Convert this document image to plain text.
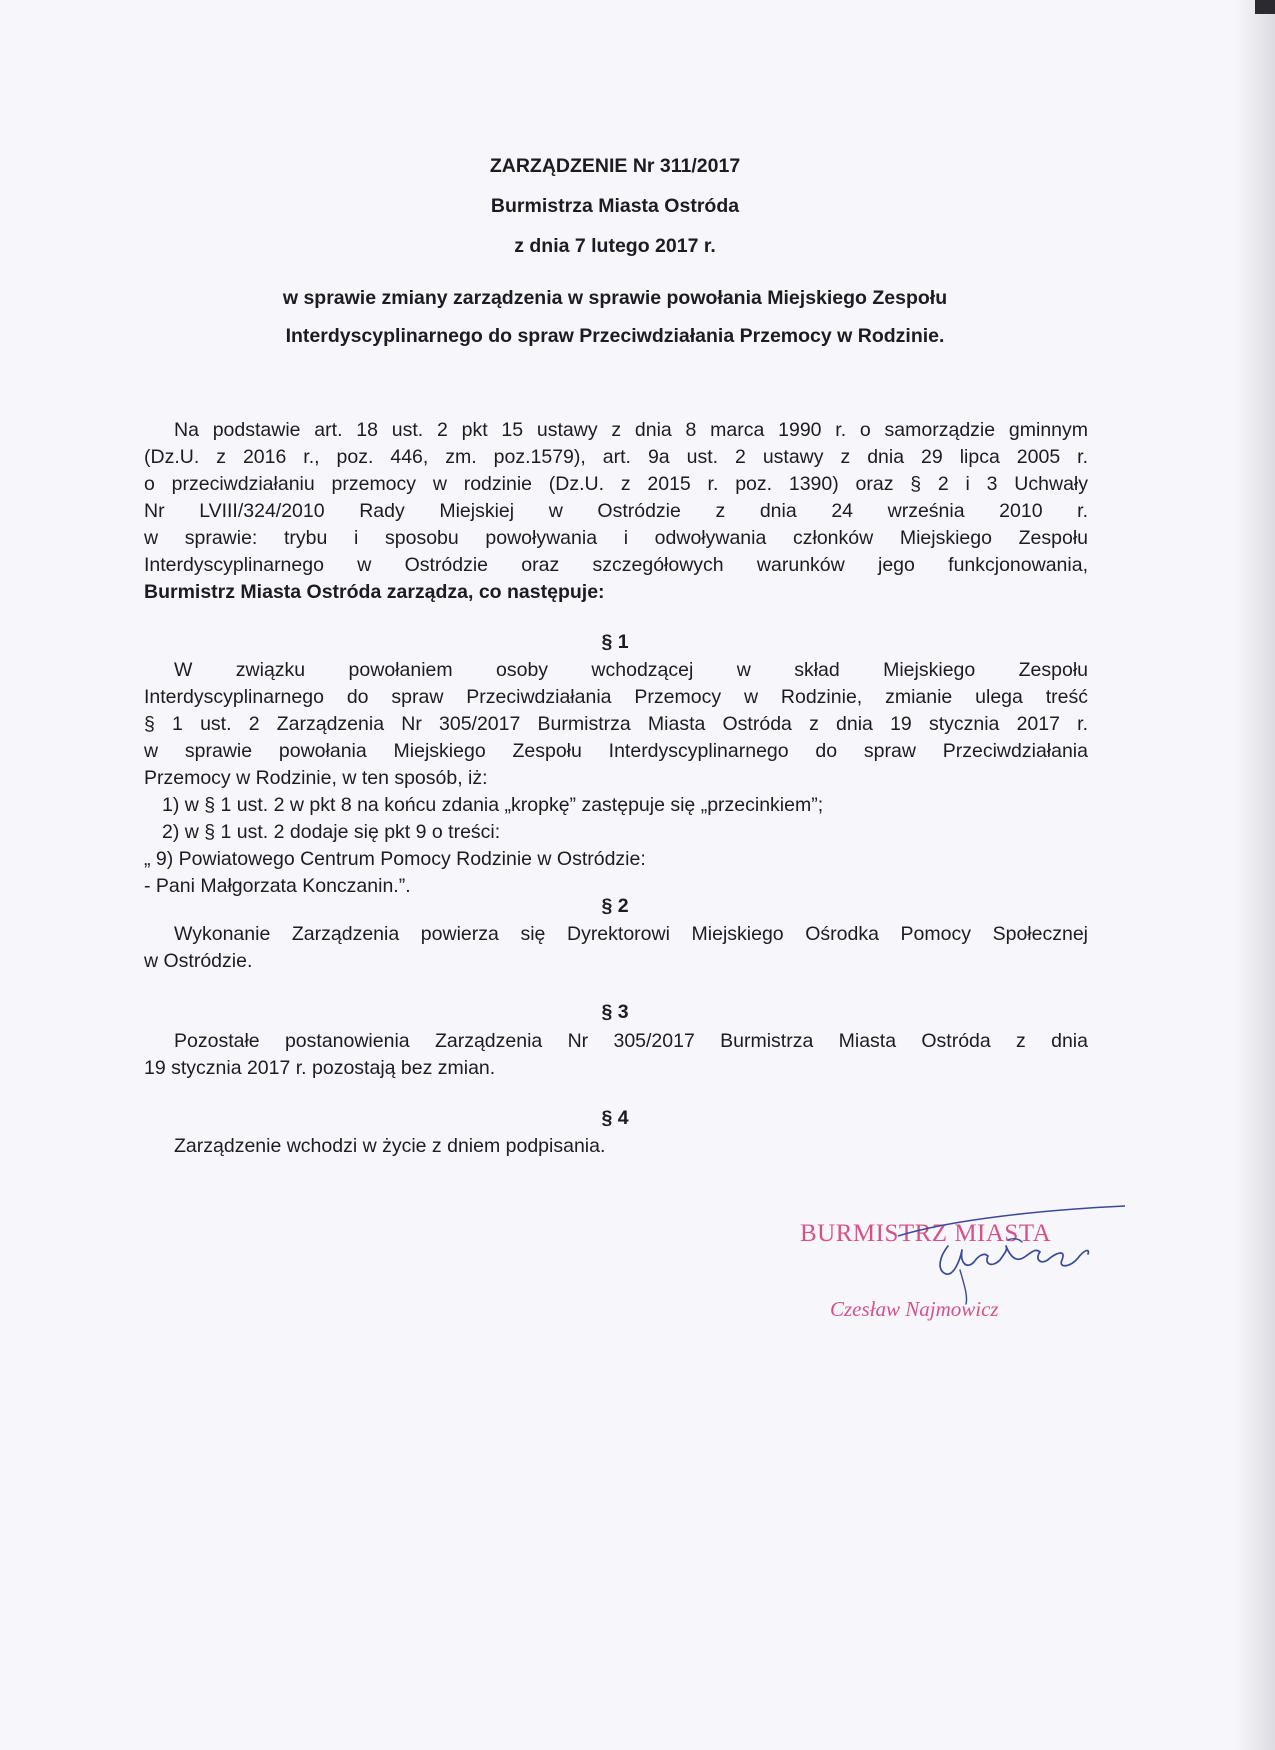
ZARZĄDZENIE Nr 311/2017
Burmistrza Miasta Ostróda
z dnia 7 lutego 2017 r.
w sprawie zmiany zarządzenia w sprawie powołania Miejskiego Zespołu
Interdyscyplinarnego do spraw Przeciwdziałania Przemocy w Rodzinie.
Na podstawie art. 18 ust. 2 pkt 15 ustawy z dnia 8 marca 1990 r. o samorządzie gminnym
(Dz.U. z 2016 r., poz. 446, zm. poz.1579), art. 9a ust. 2 ustawy z dnia 29 lipca 2005 r.
o przeciwdziałaniu przemocy w rodzinie (Dz.U. z 2015 r. poz. 1390) oraz § 2 i 3 Uchwały
Nr LVIII/324/2010 Rady Miejskiej w Ostródzie z dnia 24 września 2010 r.
w sprawie: trybu i sposobu powoływania i odwoływania członków Miejskiego Zespołu
Interdyscyplinarnego w Ostródzie oraz szczegółowych warunków jego funkcjonowania,
Burmistrz Miasta Ostróda zarządza, co następuje:
§ 1
W związku powołaniem osoby wchodzącej w skład Miejskiego Zespołu
Interdyscyplinarnego do spraw Przeciwdziałania Przemocy w Rodzinie, zmianie ulega treść
§ 1 ust. 2 Zarządzenia Nr 305/2017 Burmistrza Miasta Ostróda z dnia 19 stycznia 2017 r.
w sprawie powołania Miejskiego Zespołu Interdyscyplinarnego do spraw Przeciwdziałania
Przemocy w Rodzinie, w ten sposób, iż:
1) w § 1 ust. 2 w pkt 8 na końcu zdania „kropkę” zastępuje się „przecinkiem”;
2) w § 1 ust. 2 dodaje się pkt 9 o treści:
„ 9) Powiatowego Centrum Pomocy Rodzinie w Ostródzie:
- Pani Małgorzata Konczanin.”.
§ 2
Wykonanie Zarządzenia powierza się Dyrektorowi Miejskiego Ośrodka Pomocy Społecznej
w Ostródzie.
§ 3
Pozostałe postanowienia Zarządzenia Nr 305/2017 Burmistrza Miasta Ostróda z dnia
19 stycznia 2017 r. pozostają bez zmian.
§ 4
Zarządzenie wchodzi w życie z dniem podpisania.
BURMISTRZ MIASTA
Czesław Najmowicz
